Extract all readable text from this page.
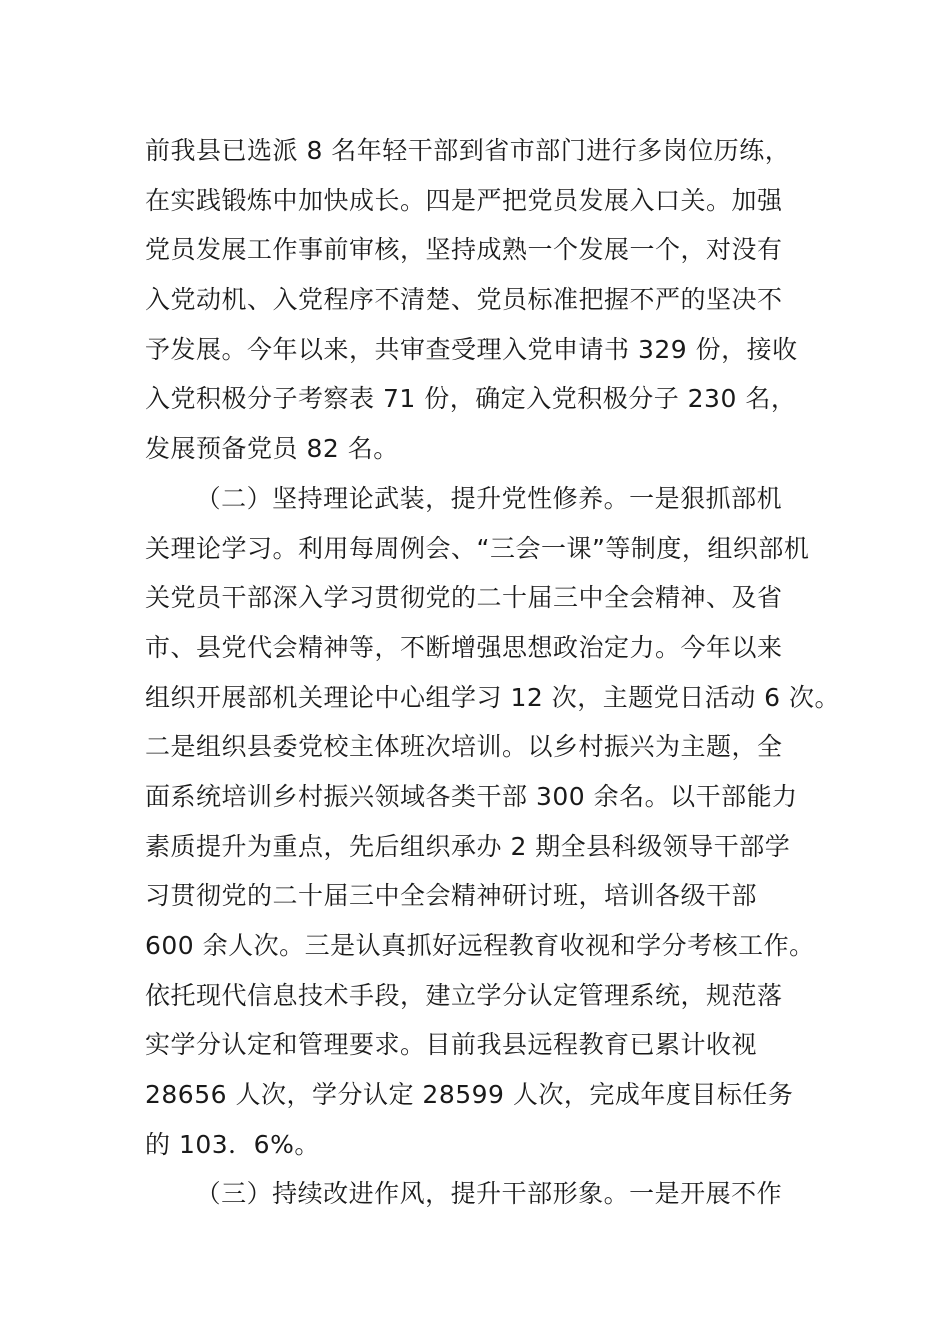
前我县已选派 8 名年轻干部到省市部门进行多岗位历练，
在实践锻炼中加快成长。四是严把党员发展入口关。加强
党员发展工作事前审核，坚持成熟一个发展一个，对没有
入党动机、入党程序不清楚、党员标准把握不严的坚决不
予发展。今年以来，共审查受理入党申请书 329 份，接收
入党积极分子考察表 71 份，确定入党积极分子 230 名，
发展预备党员 82 名。
（二）坚持理论武装，提升党性修养。一是狠抓部机
关理论学习。利用每周例会、“三会一课”等制度，组织部机
关党员干部深入学习贯彻党的二十届三中全会精神、及省
市、县党代会精神等，不断增强思想政治定力。今年以来
组织开展部机关理论中心组学习 12 次，主题党日活动 6 次。
二是组织县委党校主体班次培训。以乡村振兴为主题，全
面系统培训乡村振兴领域各类干部 300 余名。以干部能力
素质提升为重点，先后组织承办 2 期全县科级领导干部学
习贯彻党的二十届三中全会精神研讨班，培训各级干部
600 余人次。三是认真抓好远程教育收视和学分考核工作。
依托现代信息技术手段，建立学分认定管理系统，规范落
实学分认定和管理要求。目前我县远程教育已累计收视
28656 人次，学分认定 28599 人次，完成年度目标任务
的 103．6%。
（三）持续改进作风，提升干部形象。一是开展不作
